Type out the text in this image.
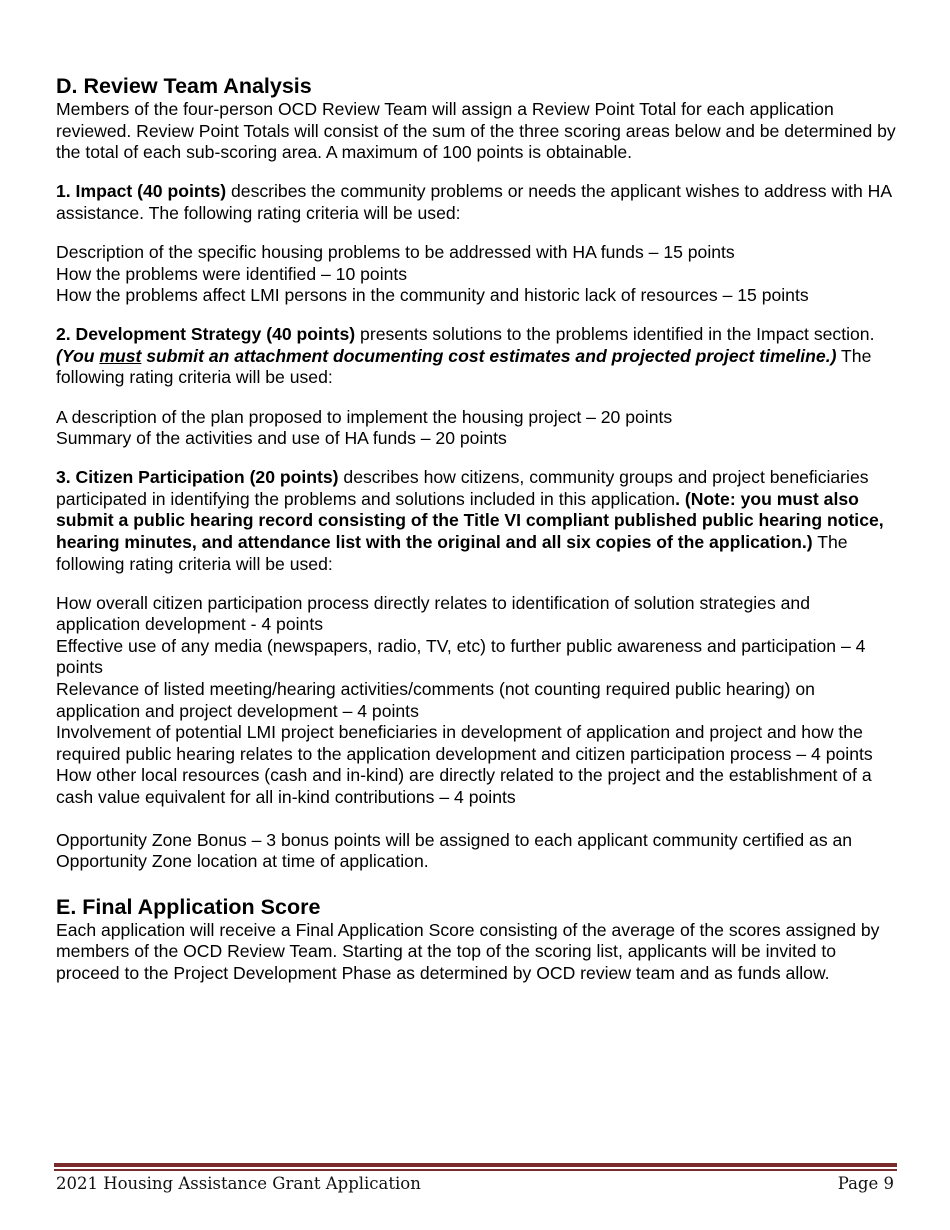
D. Review Team Analysis

Members of the four-person OCD Review Team will assign a Review Point Total for each application reviewed. Review Point Totals will consist of the sum of the three scoring areas below and be determined by the total of each sub-scoring area. A maximum of 100 points is obtainable.

1. Impact (40 points) describes the community problems or needs the applicant wishes to address with HA assistance. The following rating criteria will be used:

Description of the specific housing problems to be addressed with HA funds – 15 points

How the problems were identified – 10 points

How the problems affect LMI persons in the community and historic lack of resources – 15 points

2. Development Strategy (40 points) presents solutions to the problems identified in the Impact section. (You must submit an attachment documenting cost estimates and projected project timeline.) The following rating criteria will be used:

A description of the plan proposed to implement the housing project – 20 points

Summary of the activities and use of HA funds – 20 points

3. Citizen Participation (20 points) describes how citizens, community groups and project beneficiaries participated in identifying the problems and solutions included in this application. (Note: you must also submit a public hearing record consisting of the Title VI compliant published public hearing notice, hearing minutes, and attendance list with the original and all six copies of the application.) The following rating criteria will be used:

How overall citizen participation process directly relates to identification of solution strategies and application development - 4 points

Effective use of any media (newspapers, radio, TV, etc) to further public awareness and participation – 4 points

Relevance of listed meeting/hearing activities/comments (not counting required public hearing) on application and project development – 4 points

Involvement of potential LMI project beneficiaries in development of application and project and how the required public hearing relates to the application development and citizen participation process – 4 points

How other local resources (cash and in-kind) are directly related to the project and the establishment of a cash value equivalent for all in-kind contributions – 4 points

Opportunity Zone Bonus – 3 bonus points will be assigned to each applicant community certified as an Opportunity Zone location at time of application.

E. Final Application Score

Each application will receive a Final Application Score consisting of the average of the scores assigned by members of the OCD Review Team. Starting at the top of the scoring list, applicants will be invited to proceed to the Project Development Phase as determined by OCD review team and as funds allow.

2021 Housing Assistance Grant Application	Page 9
